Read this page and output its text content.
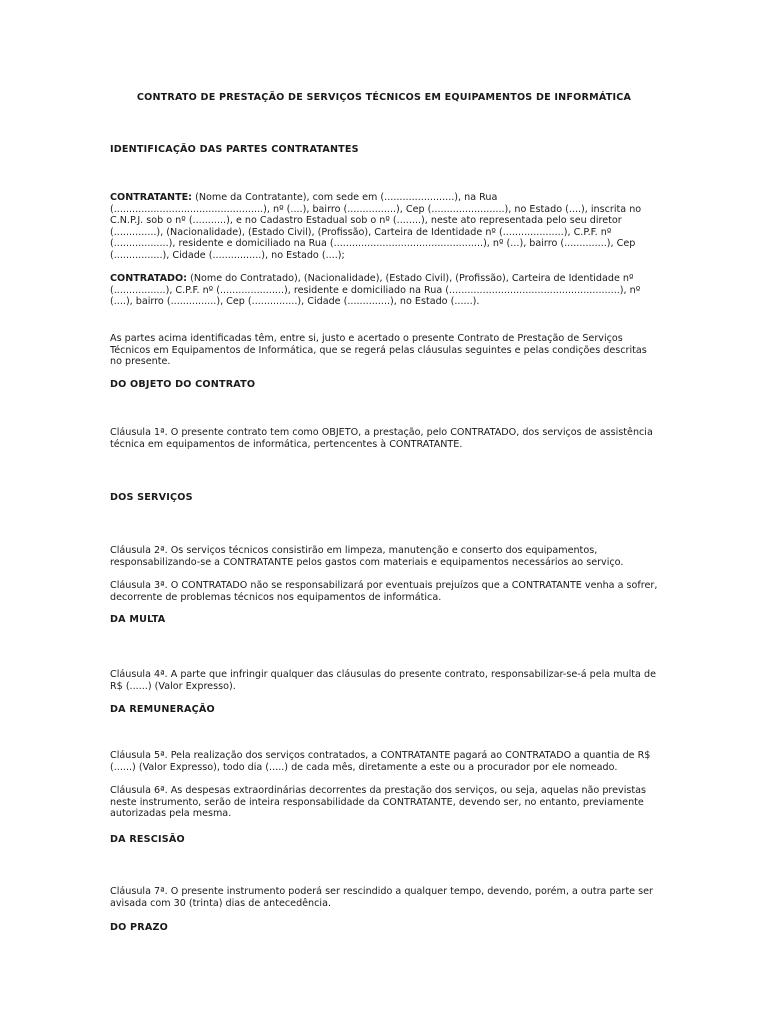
CONTRATO DE PRESTAÇÃO DE SERVIÇOS TÉCNICOS EM EQUIPAMENTOS DE INFORMÁTICA
IDENTIFICAÇÃO DAS PARTES CONTRATANTES
CONTRATANTE: (Nome da Contratante), com sede em (.......................), na Rua (.................................................), nº (....), bairro (................), Cep (........................), no Estado (....), inscrita no C.N.P.J. sob o nº (...........), e no Cadastro Estadual sob o nº (........), neste ato representada pelo seu diretor (..............), (Nacionalidade), (Estado Civil), (Profissão), Carteira de Identidade nº (....................), C.P.F. nº (..................), residente e domiciliado na Rua (.................................................), nº (...), bairro (..............), Cep (................), Cidade (................), no Estado (....);
CONTRATADO: (Nome do Contratado), (Nacionalidade), (Estado Civil), (Profissão), Carteira de Identidade nº (.................), C.P.F. nº (.....................), residente e domiciliado na Rua (........................................................), nº (....), bairro (...............), Cep (...............), Cidade (..............), no Estado (......).
As partes acima identificadas têm, entre si, justo e acertado o presente Contrato de Prestação de Serviços Técnicos em Equipamentos de Informática, que se regerá pelas cláusulas seguintes e pelas condições descritas no presente.
DO OBJETO DO CONTRATO
Cláusula 1ª. O presente contrato tem como OBJETO, a prestação, pelo CONTRATADO, dos serviços de assistência técnica em equipamentos de informática, pertencentes à CONTRATANTE.
DOS SERVIÇOS
Cláusula 2ª. Os serviços técnicos consistirão em limpeza, manutenção e conserto dos equipamentos, responsabilizando-se a CONTRATANTE pelos gastos com materiais e equipamentos necessários ao serviço.
Cláusula 3ª. O CONTRATADO não se responsabilizará por eventuais prejuízos que a CONTRATANTE venha a sofrer, decorrente de problemas técnicos nos equipamentos de informática.
DA MULTA
Cláusula 4ª. A parte que infringir qualquer das cláusulas do presente contrato, responsabilizar-se-á pela multa de R$ (......) (Valor Expresso).
DA REMUNERAÇÃO
Cláusula 5ª. Pela realização dos serviços contratados, a CONTRATANTE pagará ao CONTRATADO a quantia de R$ (......) (Valor Expresso), todo dia (.....) de cada mês, diretamente a este ou a procurador por ele nomeado.
Cláusula 6ª. As despesas extraordinárias decorrentes da prestação dos serviços, ou seja, aquelas não previstas neste instrumento, serão de inteira responsabilidade da CONTRATANTE, devendo ser, no entanto, previamente autorizadas pela mesma.
DA RESCISÃO
Cláusula 7ª. O presente instrumento poderá ser rescindido a qualquer tempo, devendo, porém, a outra parte ser avisada com 30 (trinta) dias de antecedência.
DO PRAZO
